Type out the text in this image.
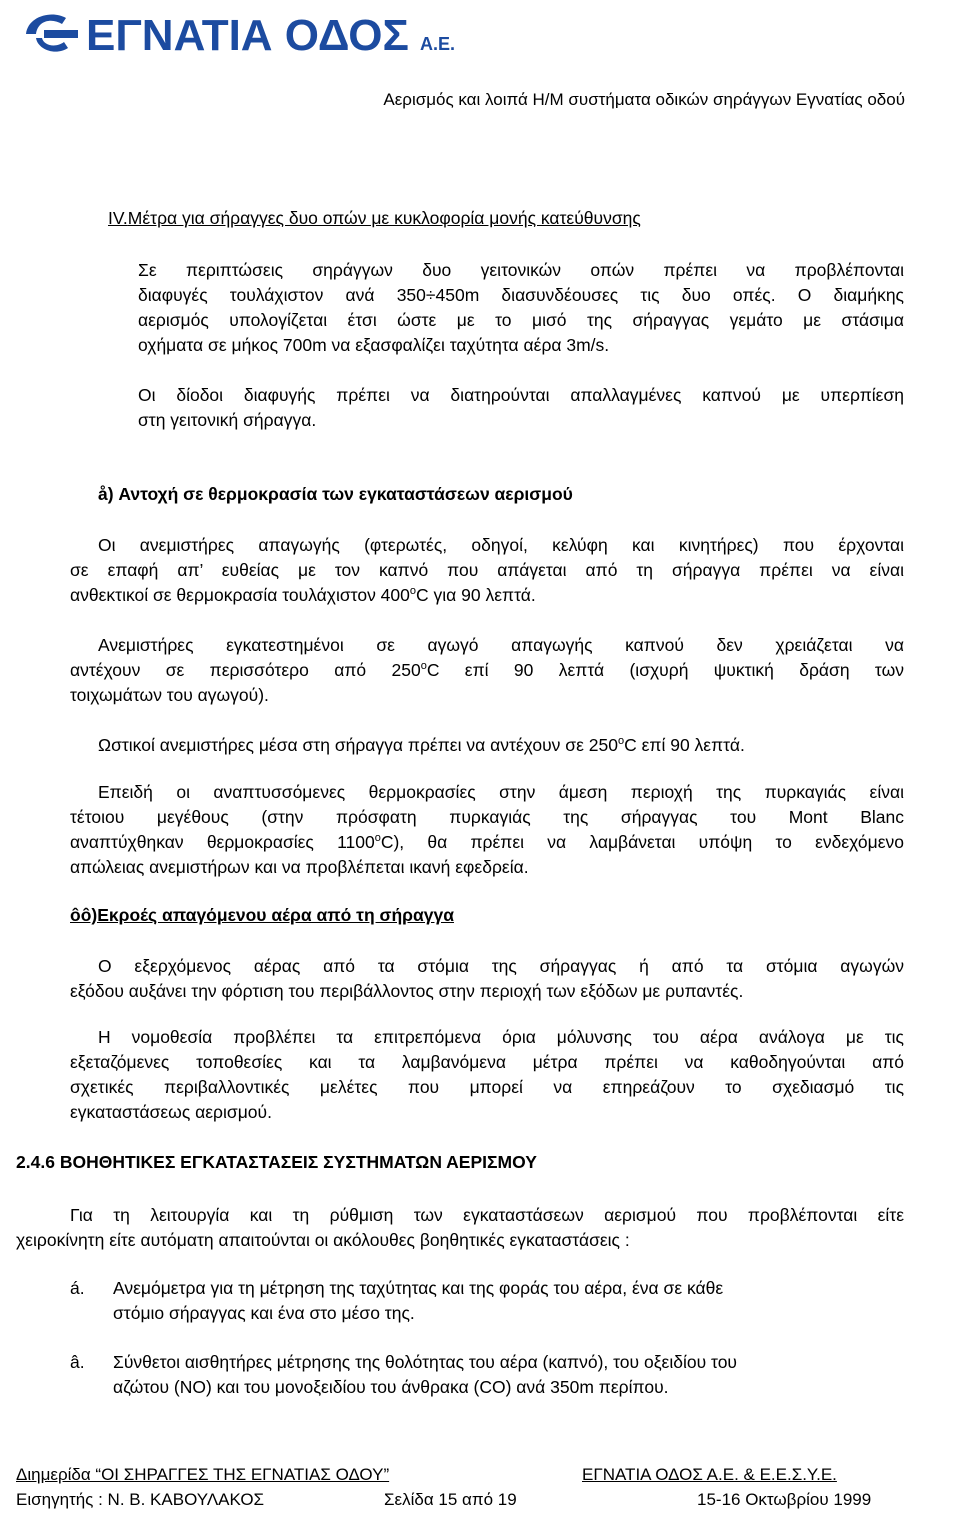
ΕΓΝΑΤΙΑ ΟΔΟΣ Α.Ε.
Αερισμός και λοιπά Η/Μ συστήματα οδικών σηράγγων Εγνατίας οδού
IV.Μέτρα για σήραγγες δυο οπών με κυκλοφορία μονής κατεύθυνσης
Σε περιπτώσεις σηράγγων δυο γειτονικών οπών πρέπει να προβλέπονται
διαφυγές τουλάχιστον ανά 350÷450m διασυνδέουσες τις δυο οπές. Ο διαμήκης
αερισμός υπολογίζεται έτσι ώστε με το μισό της σήραγγας γεμάτο με στάσιμα
οχήματα σε μήκος 700m να εξασφαλίζει ταχύτητα αέρα 3m/s.
Οι δίοδοι διαφυγής πρέπει να διατηρούνται απαλλαγμένες καπνού με υπερπίεση
στη γειτονική σήραγγα.
å) Αντοχή σε θερμοκρασία των εγκαταστάσεων αερισμού
Οι ανεμιστήρες απαγωγής (φτερωτές, οδηγοί, κελύφη και κινητήρες) που έρχονται
σε επαφή απ’ ευθείας με τον καπνό που απάγεται από τη σήραγγα πρέπει να είναι
ανθεκτικοί σε θερμοκρασία τουλάχιστον 400$^o$C για 90 λεπτά.
Ανεμιστήρες εγκατεστημένοι σε αγωγό απαγωγής καπνού δεν χρειάζεται να
αντέχουν σε περισσότερο από 250$^o$C επί 90 λεπτά (ισχυρή ψυκτική δράση των
τοιχωμάτων του αγωγού).
Ωστικοί ανεμιστήρες μέσα στη σήραγγα πρέπει να αντέχουν σε 250$^o$C επί 90 λεπτά.
Επειδή οι αναπτυσσόμενες θερμοκρασίες στην άμεση περιοχή της πυρκαγιάς είναι
τέτοιου μεγέθους (στην πρόσφατη πυρκαγιάς της σήραγγας του Mont Blanc
αναπτύχθηκαν θερμοκρασίες 1100$^o$C), θα πρέπει να λαμβάνεται υπόψη το ενδεχόμενο
απώλειας ανεμιστήρων και να προβλέπεται ικανή εφεδρεία.
ôô)Εκροές απαγόμενου αέρα από τη σήραγγα
Ο εξερχόμενος αέρας από τα στόμια της σήραγγας ή από τα στόμια αγωγών
εξόδου αυξάνει την φόρτιση του περιβάλλοντος στην περιοχή των εξόδων με ρυπαντές.
Η νομοθεσία προβλέπει τα επιτρεπόμενα όρια μόλυνσης του αέρα ανάλογα με τις
εξεταζόμενες τοποθεσίες και τα λαμβανόμενα μέτρα πρέπει να καθοδηγούνται από
σχετικές περιβαλλοντικές μελέτες που μπορεί να επηρεάζουν το σχεδιασμό τις
εγκαταστάσεως αερισμού.
2.4.6 ΒΟΗΘΗΤΙΚΕΣ ΕΓΚΑΤΑΣΤΑΣΕΙΣ ΣΥΣΤΗΜΑΤΩΝ ΑΕΡΙΣΜΟΥ
Για τη λειτουργία και τη ρύθμιση των εγκαταστάσεων αερισμού που προβλέπονται είτε
χειροκίνητη είτε αυτόματη απαιτούνται οι ακόλουθες βοηθητικές εγκαταστάσεις :
á. Ανεμόμετρα για τη μέτρηση της ταχύτητας και της φοράς του αέρα, ένα σε κάθε
στόμιο σήραγγας και ένα στο μέσο της.
â. Σύνθετοι αισθητήρες μέτρησης της θολότητας του αέρα (καπνό), του οξειδίου του
αζώτου (NO) και του μονοξειδίου του άνθρακα (CO) ανά 350m περίπου.
Διημερίδα “ΟΙ ΣΗΡΑΓΓΕΣ ΤΗΣ ΕΓΝΑΤΙΑΣ ΟΔΟΥ”	ΕΓΝΑΤΙΑ ΟΔΟΣ Α.Ε. & Ε.Ε.Σ.Υ.Ε.
Εισηγητής : Ν. Β. ΚΑΒΟΥΛΑΚΟΣ	Σελίδα 15 από 19	15-16 Οκτωβρίου 1999
